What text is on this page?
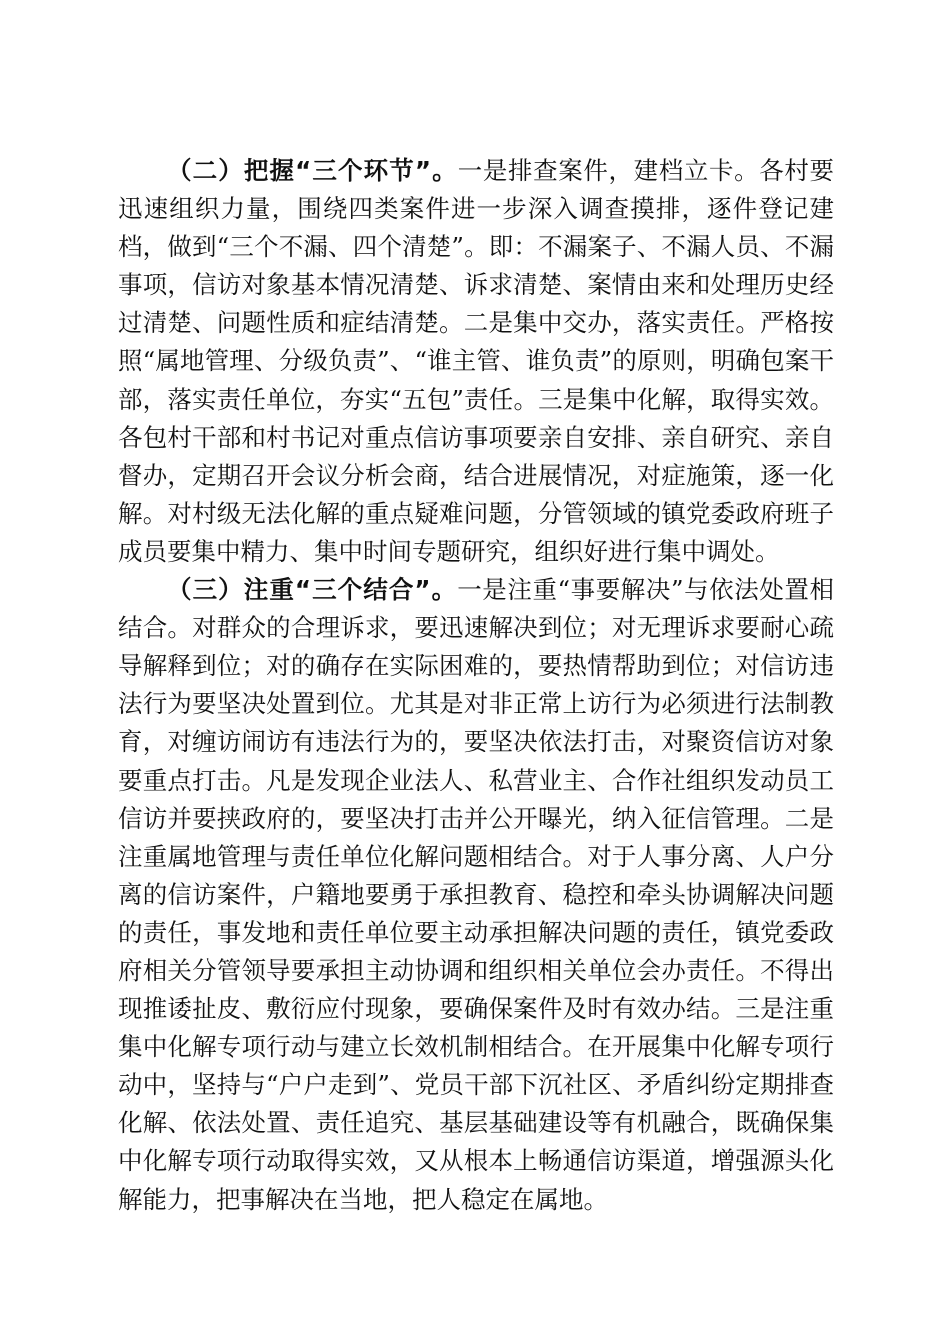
（二）把握“三个环节”。一是排查案件，建档立卡。各村要迅速组织力量，围绕四类案件进一步深入调查摸排，逐件登记建档，做到“三个不漏、四个清楚”。即：不漏案子、不漏人员、不漏事项，信访对象基本情况清楚、诉求清楚、案情由来和处理历史经过清楚、问题性质和症结清楚。二是集中交办，落实责任。严格按照“属地管理、分级负责”、“谁主管、谁负责”的原则，明确包案干部，落实责任单位，夯实“五包”责任。三是集中化解，取得实效。各包村干部和村书记对重点信访事项要亲自安排、亲自研究、亲自督办，定期召开会议分析会商，结合进展情况，对症施策，逐一化解。对村级无法化解的重点疑难问题，分管领域的镇党委政府班子成员要集中精力、集中时间专题研究，组织好进行集中调处。

（三）注重“三个结合”。一是注重“事要解决”与依法处置相结合。对群众的合理诉求，要迅速解决到位；对无理诉求要耐心疏导解释到位；对的确存在实际困难的，要热情帮助到位；对信访违法行为要坚决处置到位。尤其是对非正常上访行为必须进行法制教育，对缠访闹访有违法行为的，要坚决依法打击，对聚资信访对象要重点打击。凡是发现企业法人、私营业主、合作社组织发动员工信访并要挟政府的，要坚决打击并公开曝光，纳入征信管理。二是注重属地管理与责任单位化解问题相结合。对于人事分离、人户分离的信访案件，户籍地要勇于承担教育、稳控和牵头协调解决问题的责任，事发地和责任单位要主动承担解决问题的责任，镇党委政府相关分管领导要承担主动协调和组织相关单位会办责任。不得出现推诿扯皮、敷衍应付现象，要确保案件及时有效办结。三是注重集中化解专项行动与建立长效机制相结合。在开展集中化解专项行动中，坚持与“户户走到”、党员干部下沉社区、矛盾纠纷定期排查化解、依法处置、责任追究、基层基础建设等有机融合，既确保集中化解专项行动取得实效，又从根本上畅通信访渠道，增强源头化解能力，把事解决在当地，把人稳定在属地。
